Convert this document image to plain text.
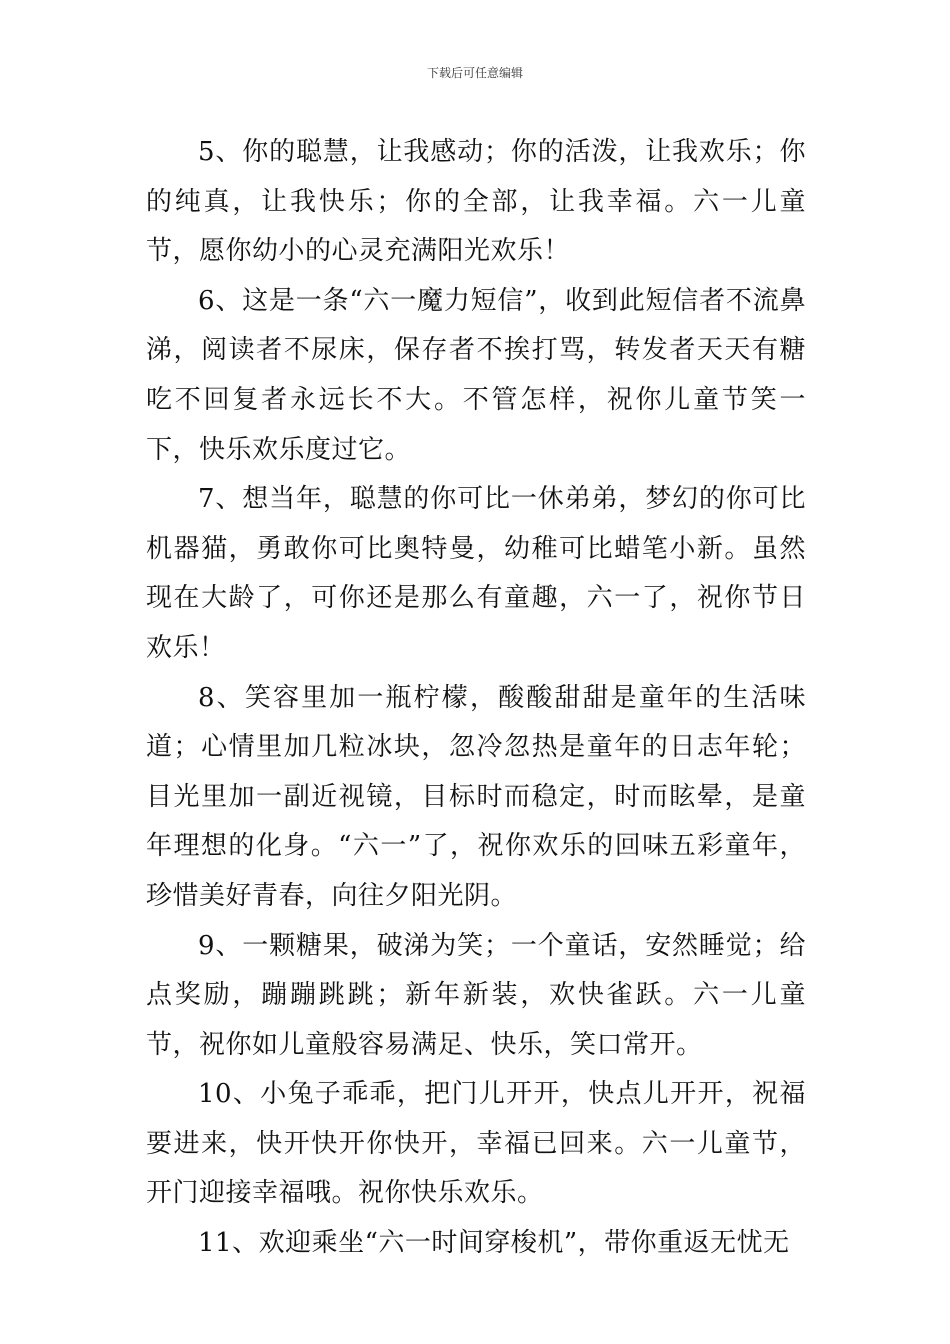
下载后可任意编辑

5、你的聪慧，让我感动；你的活泼，让我欢乐；你的纯真，让我快乐；你的全部，让我幸福。六一儿童节，愿你幼小的心灵充满阳光欢乐！

6、这是一条“六一魔力短信”，收到此短信者不流鼻涕，阅读者不尿床，保存者不挨打骂，转发者天天有糖吃不回复者永远长不大。不管怎样，祝你儿童节笑一下，快乐欢乐度过它。

7、想当年，聪慧的你可比一休弟弟，梦幻的你可比机器猫，勇敢你可比奥特曼，幼稚可比蜡笔小新。虽然现在大龄了，可你还是那么有童趣，六一了，祝你节日欢乐！

8、笑容里加一瓶柠檬，酸酸甜甜是童年的生活味道；心情里加几粒冰块，忽冷忽热是童年的日志年轮；目光里加一副近视镜，目标时而稳定，时而眩晕，是童年理想的化身。“六一”了，祝你欢乐的回味五彩童年，珍惜美好青春，向往夕阳光阴。

9、一颗糖果，破涕为笑；一个童话，安然睡觉；给点奖励，蹦蹦跳跳；新年新装，欢快雀跃。六一儿童节，祝你如儿童般容易满足、快乐，笑口常开。

10、小兔子乖乖，把门儿开开，快点儿开开，祝福要进来，快开快开你快开，幸福已回来。六一儿童节，开门迎接幸福哦。祝你快乐欢乐。

11、欢迎乘坐“六一时间穿梭机”，带你重返无忧无
